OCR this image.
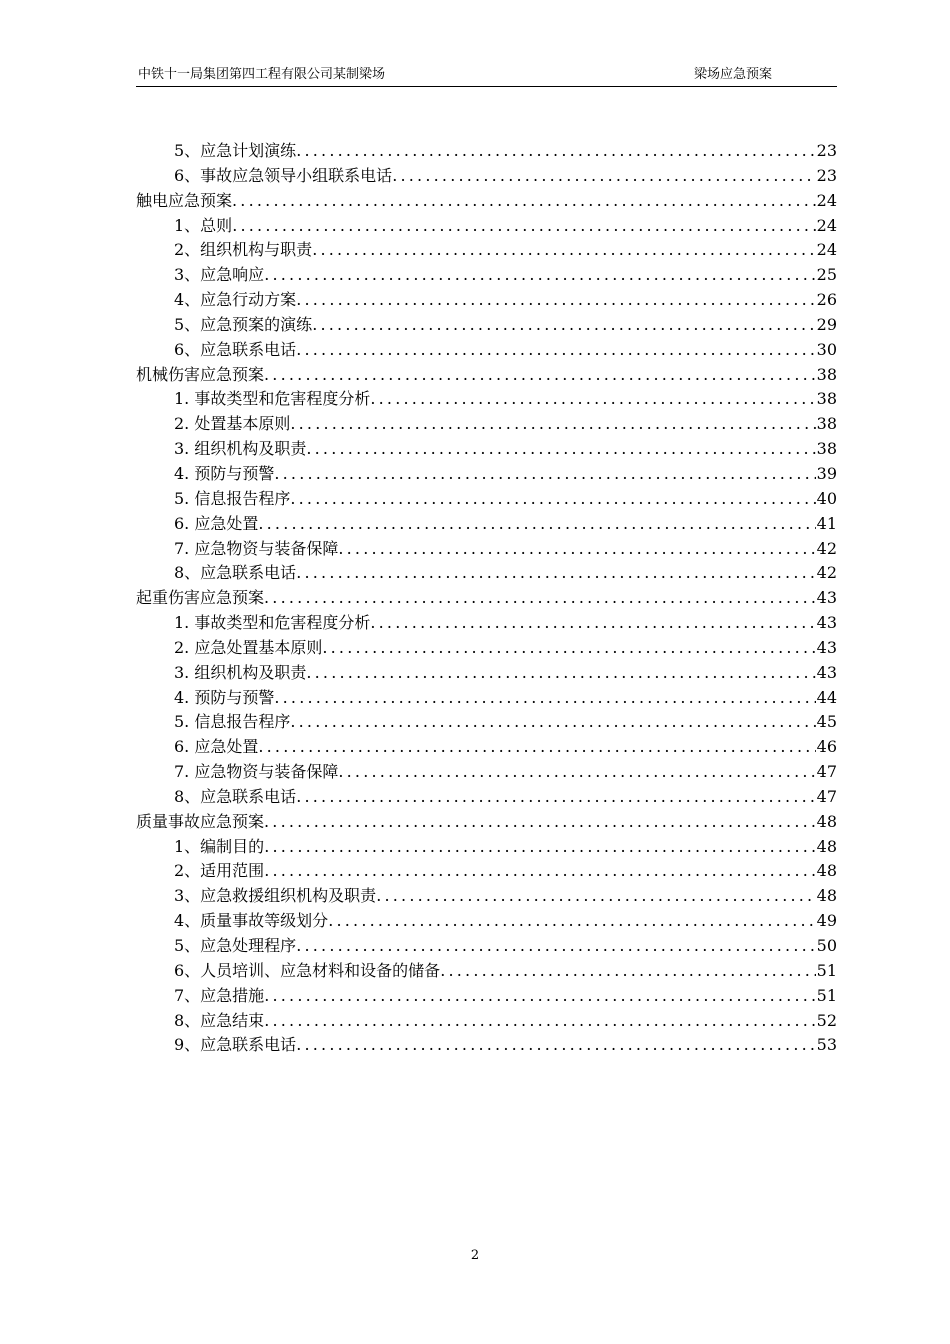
中铁十一局集团第四工程有限公司某制梁场	梁场应急预案
5、应急计划演练 .....	23
6、事故应急领导小组联系电话 .....	23
触电应急预案 .....	24
1、总则 .....	24
2、组织机构与职责 .....	24
3、应急响应 .....	25
4、应急行动方案 .....	26
5、应急预案的演练 .....	29
6、应急联系电话 .....	30
机械伤害应急预案 .....	38
1. 事故类型和危害程度分析 .....	38
2. 处置基本原则 .....	38
3. 组织机构及职责 .....	38
4. 预防与预警 .....	39
5. 信息报告程序 .....	40
6. 应急处置 .....	41
7. 应急物资与装备保障 .....	42
8、应急联系电话 .....	42
起重伤害应急预案 .....	43
1. 事故类型和危害程度分析 .....	43
2. 应急处置基本原则 .....	43
3. 组织机构及职责 .....	43
4. 预防与预警 .....	44
5. 信息报告程序 .....	45
6. 应急处置 .....	46
7. 应急物资与装备保障 .....	47
8、应急联系电话 .....	47
质量事故应急预案 .....	48
1、编制目的 .....	48
2、适用范围 .....	48
3、应急救援组织机构及职责 .....	48
4、质量事故等级划分 .....	49
5、应急处理程序 .....	50
6、人员培训、应急材料和设备的储备 .....	51
7、应急措施 .....	51
8、应急结束 .....	52
9、应急联系电话 .....	53
2
